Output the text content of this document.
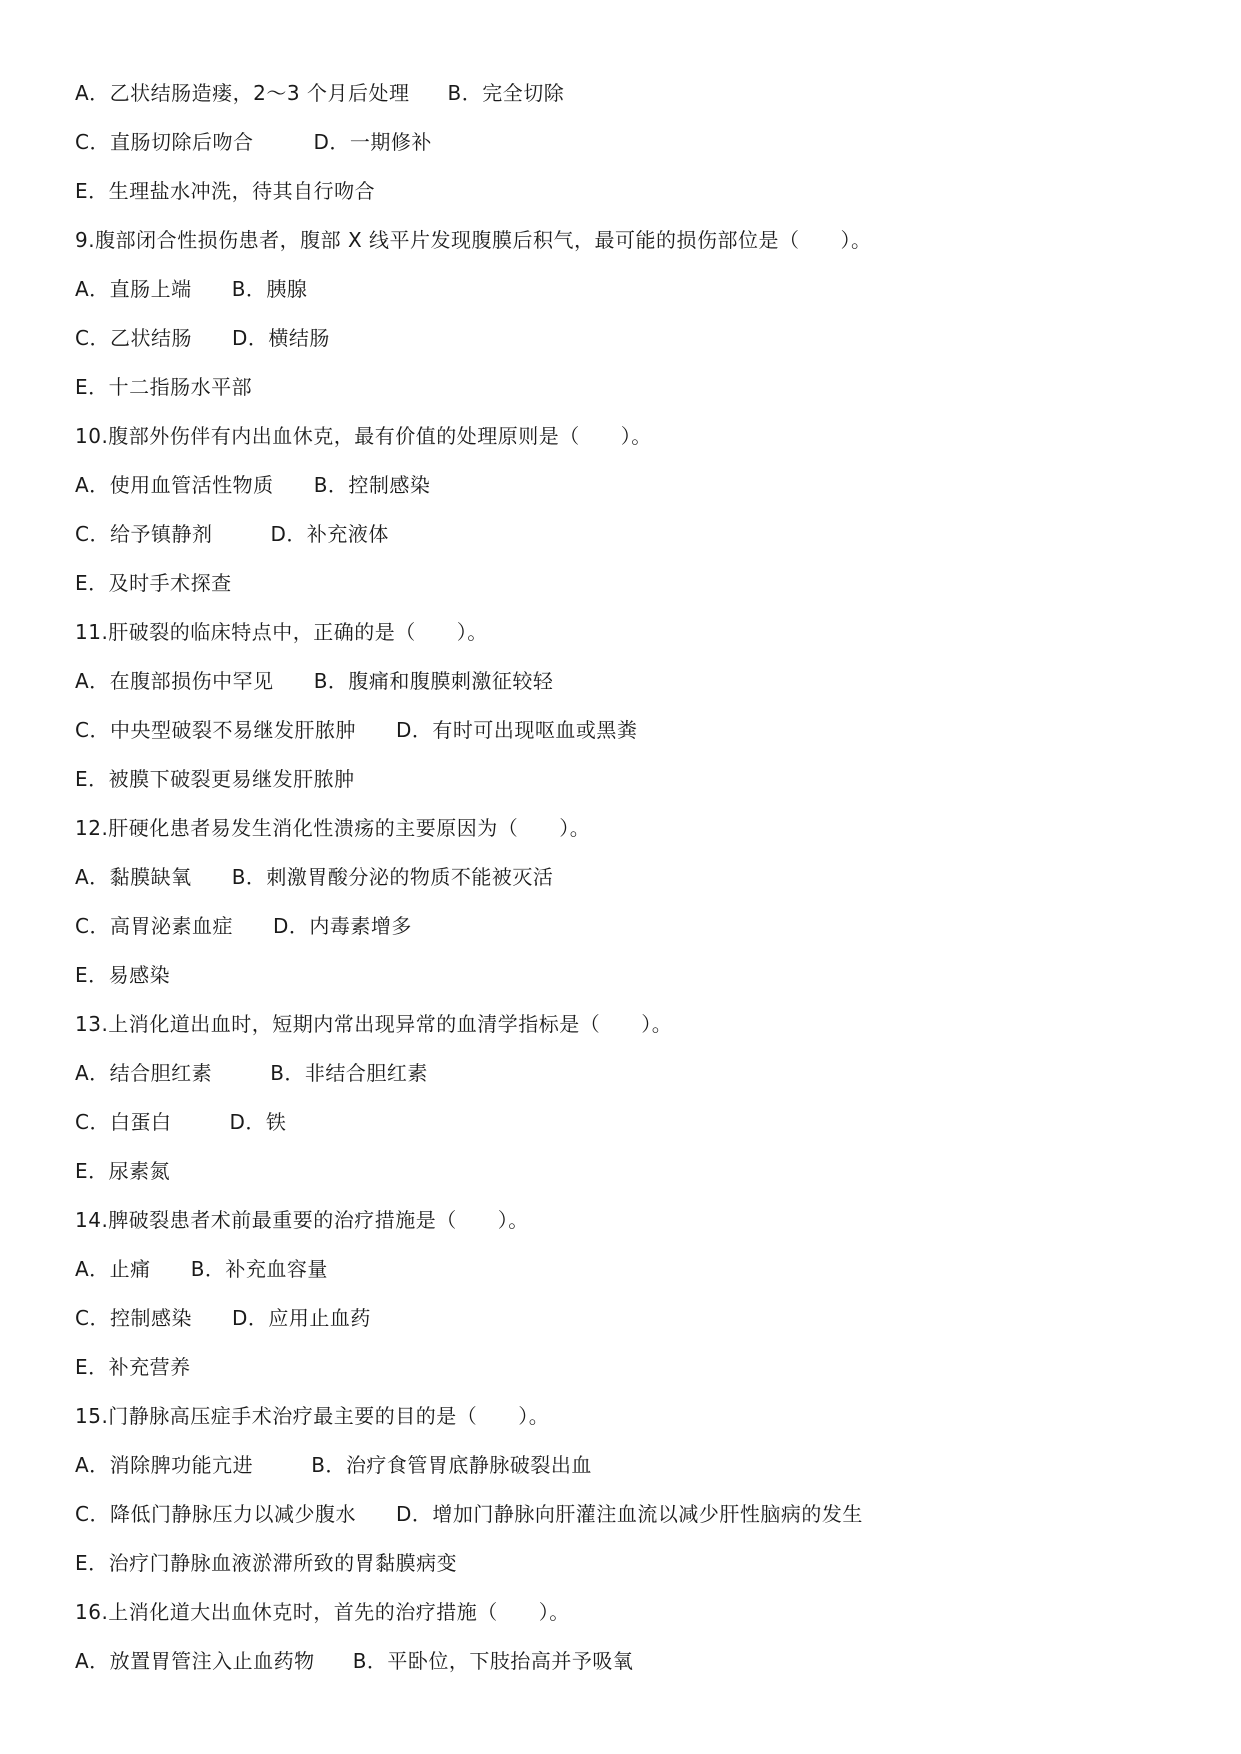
A．乙状结肠造瘘，2～3 个月后处理 B．完全切除
C．直肠切除后吻合	D．一期修补
E．生理盐水冲洗，待其自行吻合
9.腹部闭合性损伤患者，腹部 X 线平片发现腹膜后积气，最可能的损伤部位是（　　）。
A．直肠上端 B．胰腺
C．乙状结肠 D．横结肠
E．十二指肠水平部
10.腹部外伤伴有内出血休克，最有价值的处理原则是（　　）。
A．使用血管活性物质 B．控制感染
C．给予镇静剂	D．补充液体
E．及时手术探查
11.肝破裂的临床特点中，正确的是（　　）。
A．在腹部损伤中罕见 B．腹痛和腹膜刺激征较轻
C．中央型破裂不易继发肝脓肿 D．有时可出现呕血或黑粪
E．被膜下破裂更易继发肝脓肿
12.肝硬化患者易发生消化性溃疡的主要原因为（　　）。
A．黏膜缺氧 B．刺激胃酸分泌的物质不能被灭活
C．高胃泌素血症 D．内毒素增多
E．易感染
13.上消化道出血时，短期内常出现异常的血清学指标是（　　）。
A．结合胆红素	B．非结合胆红素
C．白蛋白	D．铁
E．尿素氮
14.脾破裂患者术前最重要的治疗措施是（　　）。
A．止痛 B．补充血容量
C．控制感染 D．应用止血药
E．补充营养
15.门静脉高压症手术治疗最主要的目的是（　　）。
A．消除脾功能亢进	B．治疗食管胃底静脉破裂出血
C．降低门静脉压力以减少腹水 D．增加门静脉向肝灌注血流以减少肝性脑病的发生
E．治疗门静脉血液淤滞所致的胃黏膜病变
16.上消化道大出血休克时，首先的治疗措施（　　）。
A．放置胃管注入止血药物 B．平卧位，下肢抬高并予吸氧
